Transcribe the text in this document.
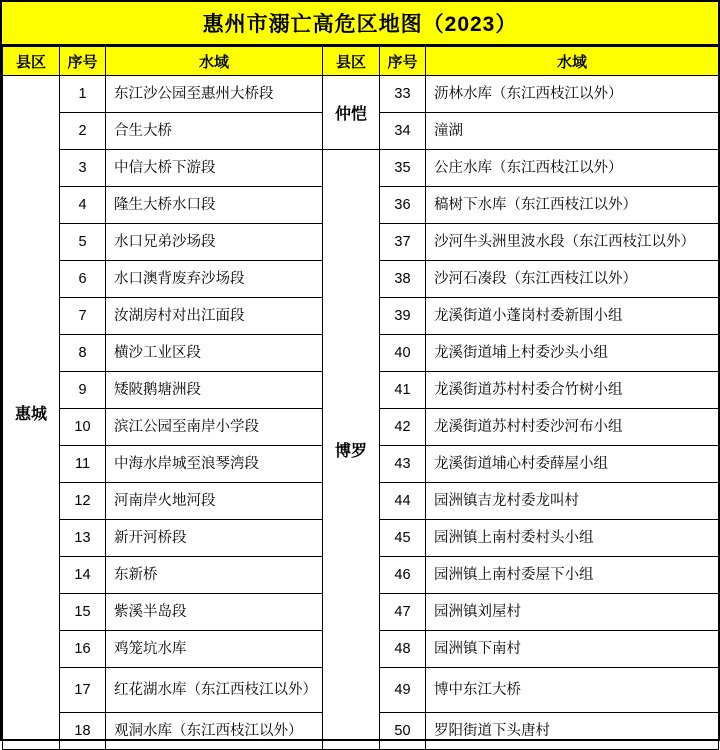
惠州市溺亡高危区地图（2023）
县区	序号	水域	县区	序号	水域
惠城	1	东江沙公园至惠州大桥段	仲恺	33	沥林水库（东江西枝江以外）
	2	合生大桥		34	潼湖
	3	中信大桥下游段	博罗	35	公庄水库（东江西枝江以外）
	4	隆生大桥水口段		36	稿树下水库（东江西枝江以外）
	5	水口兄弟沙场段		37	沙河牛头洲里波水段（东江西枝江以外）
	6	水口澳背废弃沙场段		38	沙河石凑段（东江西枝江以外）
	7	汝湖房村对出江面段		39	龙溪街道小蓬岗村委新围小组
	8	横沙工业区段		40	龙溪街道埔上村委沙头小组
	9	矮陂鹅塘洲段		41	龙溪街道苏村村委合竹树小组
	10	滨江公园至南岸小学段		42	龙溪街道苏村村委沙河布小组
	11	中海水岸城至浪琴湾段		43	龙溪街道埔心村委薛屋小组
	12	河南岸火地河段		44	园洲镇吉龙村委龙叫村
	13	新开河桥段		45	园洲镇上南村委村头小组
	14	东新桥		46	园洲镇上南村委屋下小组
	15	紫溪半岛段		47	园洲镇刘屋村
	16	鸡笼坑水库		48	园洲镇下南村
	17	红花湖水库（东江西枝江以外）		49	博中东江大桥
	18	观洞水库（东江西枝江以外）		50	罗阳街道下头唐村
